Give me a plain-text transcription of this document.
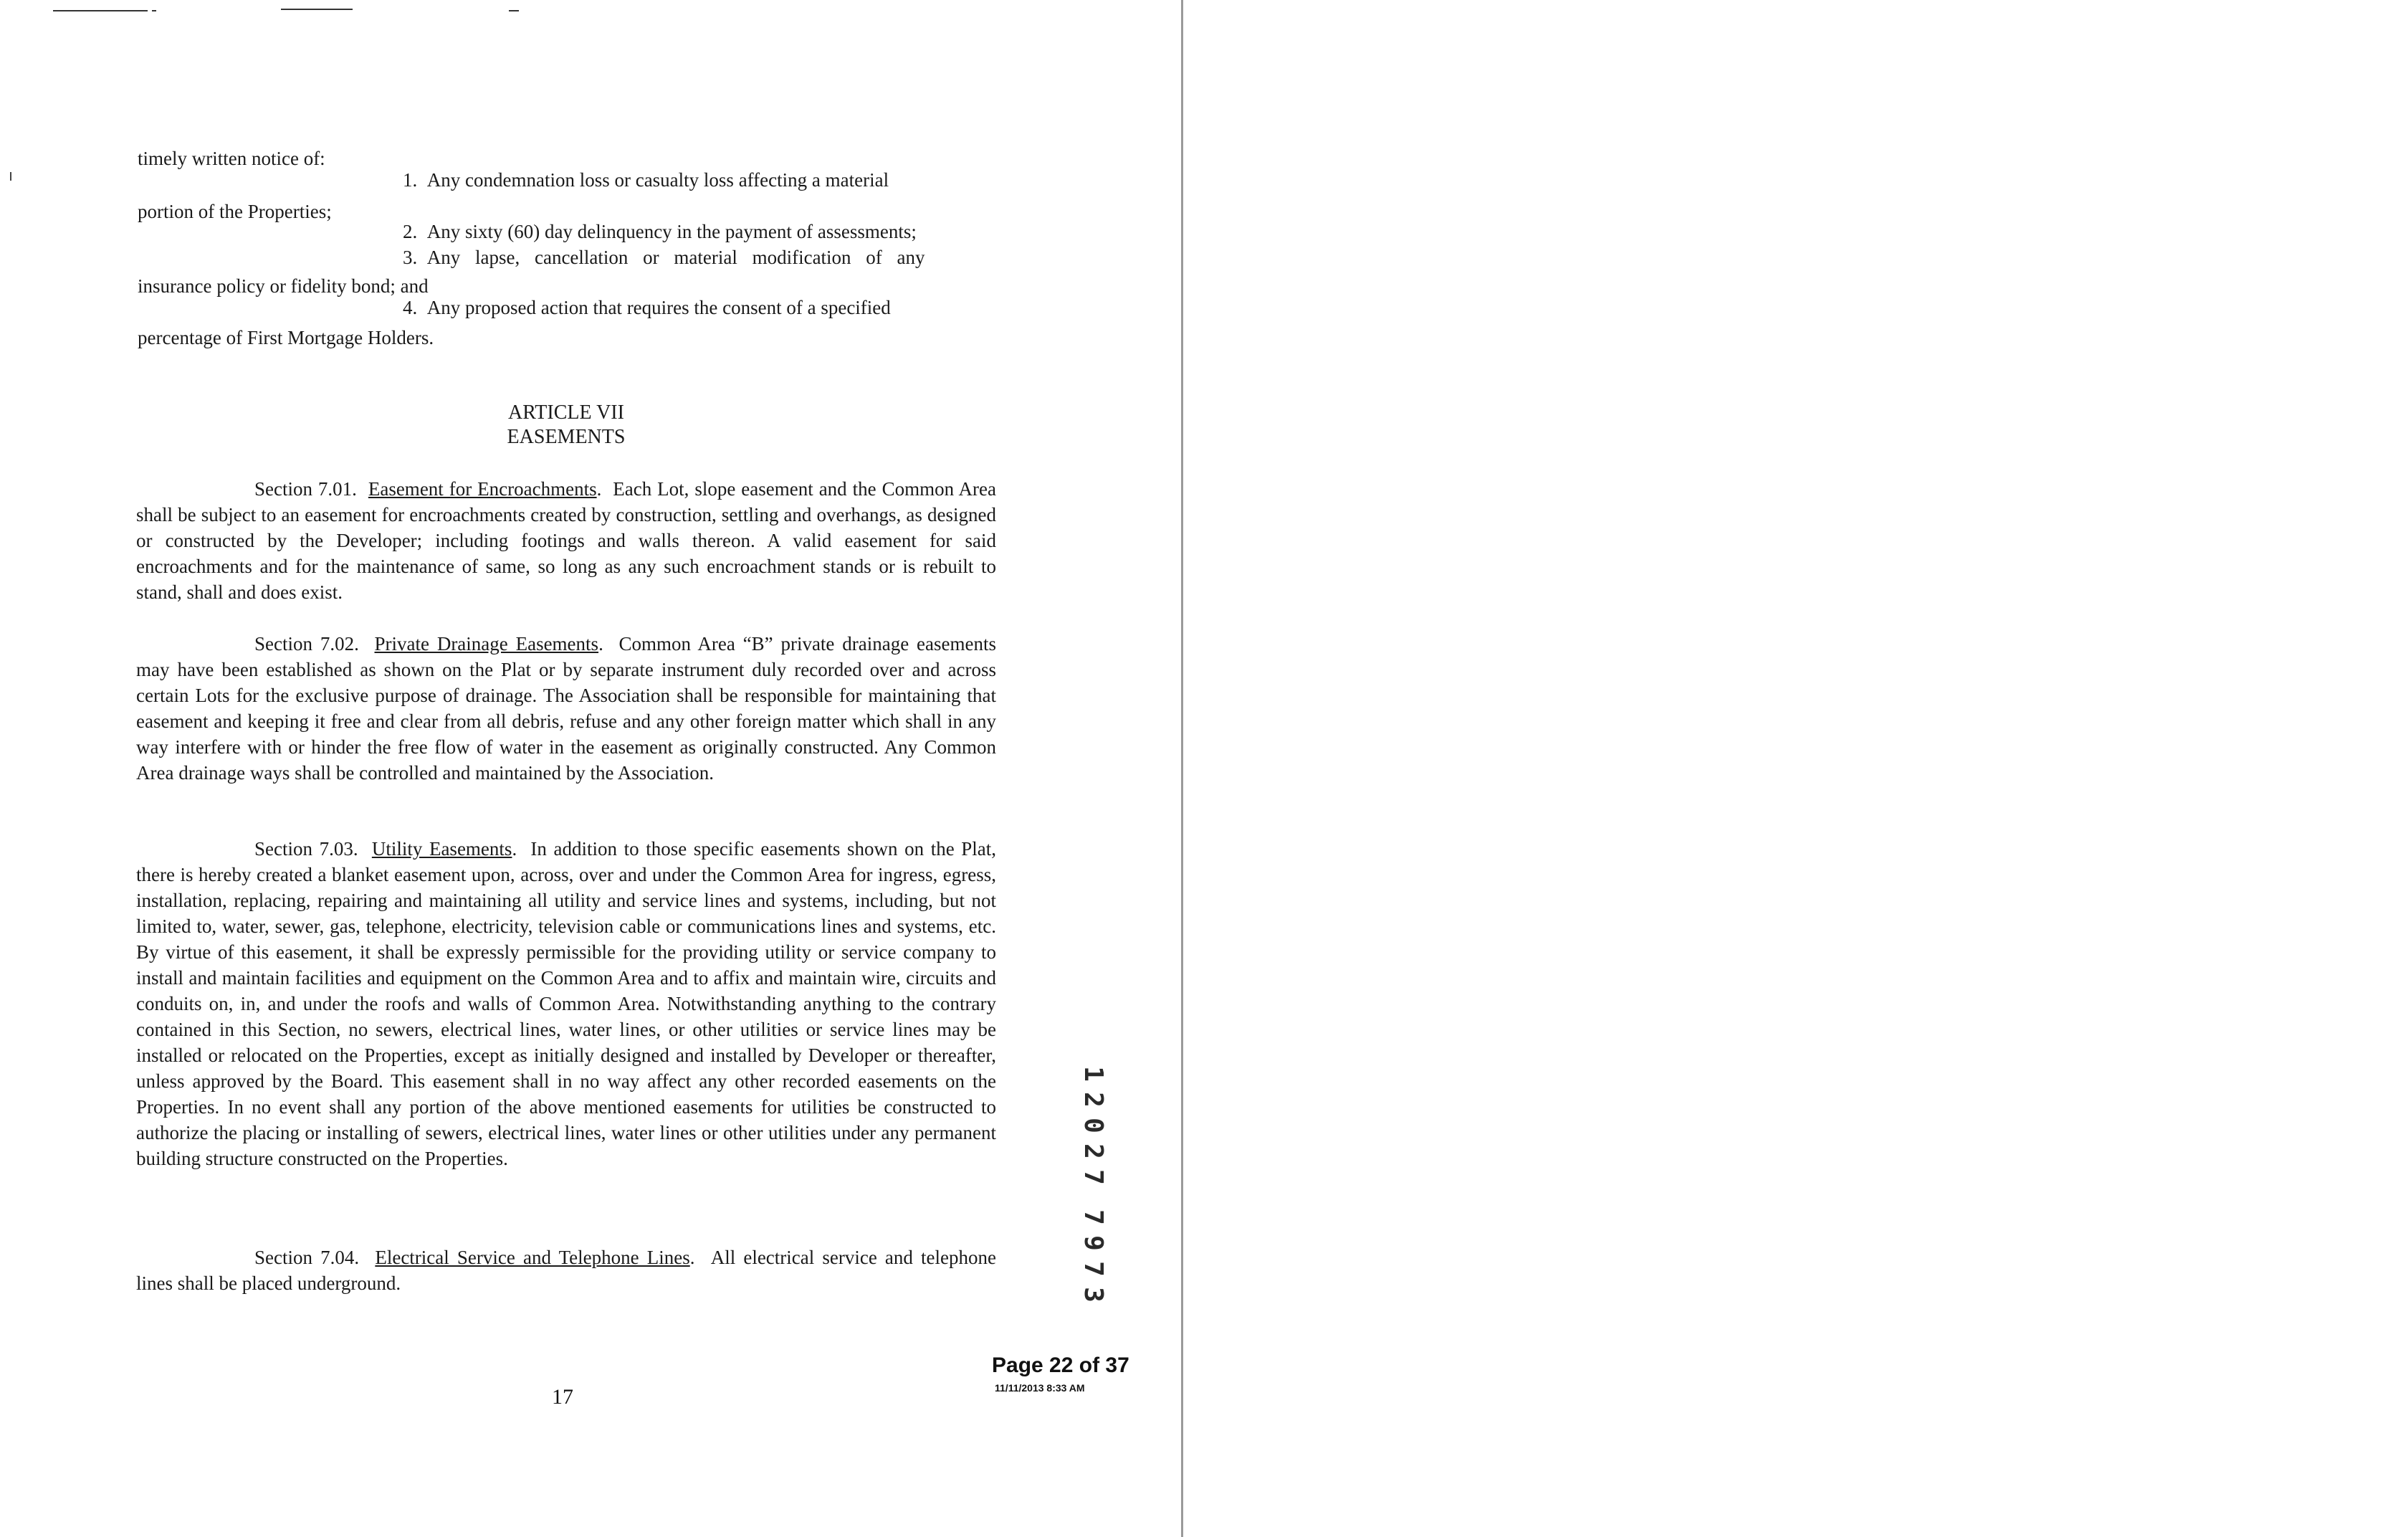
timely written notice of:
1. Any condemnation loss or casualty loss affecting a material
portion of the Properties;
2. Any sixty (60) day delinquency in the payment of assessments;
3. Any lapse, cancellation or material modification of any
insurance policy or fidelity bond; and
4. Any proposed action that requires the consent of a specified
percentage of First Mortgage Holders.
ARTICLE VII
EASEMENTS
Section 7.01. Easement for Encroachments.  Each Lot, slope easement and the Common Area shall be subject to an easement for encroachments created by construction, settling and overhangs, as designed or constructed by the Developer; including footings and walls thereon. A valid easement for said encroachments and for the maintenance of same, so long as any such encroachment stands or is rebuilt to stand, shall and does exist.
Section 7.02. Private Drainage Easements.  Common Area “B” private drainage easements may have been established as shown on the Plat or by separate instrument duly recorded over and across certain Lots for the exclusive purpose of drainage. The Association shall be responsible for maintaining that easement and keeping it free and clear from all debris, refuse and any other foreign matter which shall in any way interfere with or hinder the free flow of water in the easement as originally constructed. Any Common Area drainage ways shall be controlled and maintained by the Association.
Section 7.03. Utility Easements.  In addition to those specific easements shown on the Plat, there is hereby created a blanket easement upon, across, over and under the Common Area for ingress, egress, installation, replacing, repairing and maintaining all utility and service lines and systems, including, but not limited to, water, sewer, gas, telephone, electricity, television cable or communications lines and systems, etc. By virtue of this easement, it shall be expressly permissible for the providing utility or service company to install and maintain facilities and equipment on the Common Area and to affix and maintain wire, circuits and conduits on, in, and under the roofs and walls of Common Area. Notwithstanding anything to the contrary contained in this Section, no sewers, electrical lines, water lines, or other utilities or service lines may be installed or relocated on the Properties, except as initially designed and installed by Developer or thereafter, unless approved by the Board. This easement shall in no way affect any other recorded easements on the Properties. In no event shall any portion of the above mentioned easements for utilities be constructed to authorize the placing or installing of sewers, electrical lines, water lines or other utilities under any permanent building structure constructed on the Properties.
Section 7.04. Electrical Service and Telephone Lines.  All electrical service and telephone lines shall be placed underground.
1
2
0
2
7
7
9
7
3
Page 22 of 37
11/11/2013 8:33 AM
17
